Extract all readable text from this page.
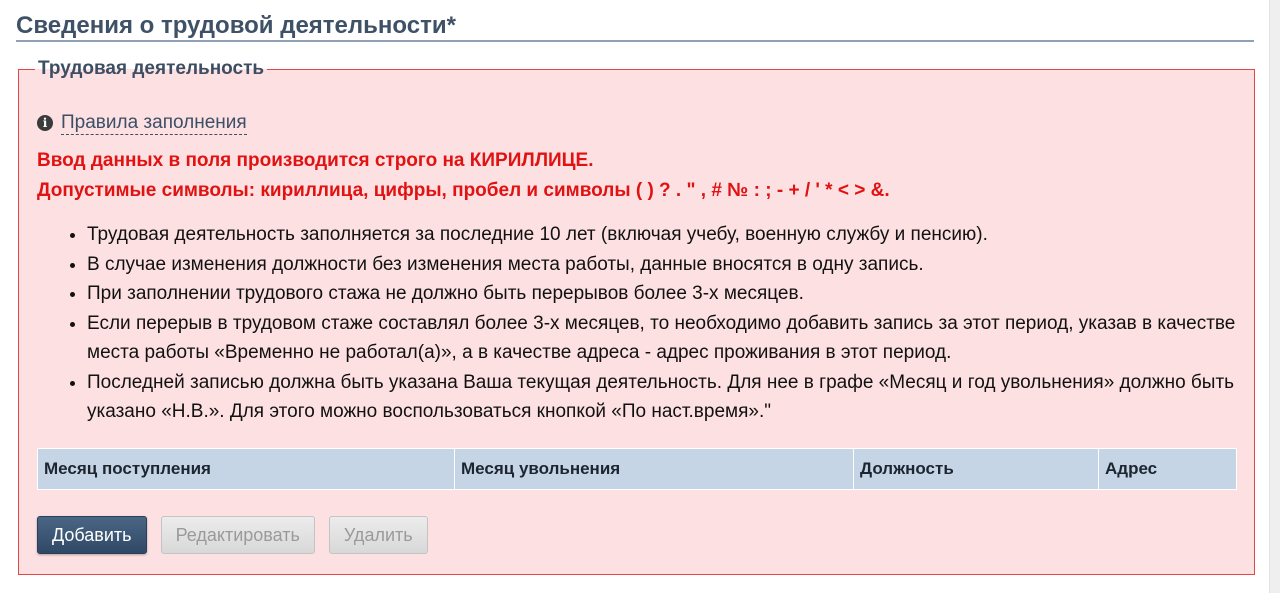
Сведения о трудовой деятельности*
Трудовая деятельность
i Правила заполнения
Ввод данных в поля производится строго на КИРИЛЛИЦЕ.
Допустимые символы: кириллица, цифры, пробел и символы ( ) ? . " , # № : ; - + / ' * < > &.
• Трудовая деятельность заполняется за последние 10 лет (включая учебу, военную службу и пенсию).
• В случае изменения должности без изменения места работы, данные вносятся в одну запись.
• При заполнении трудового стажа не должно быть перерывов более 3-х месяцев.
• Если перерыв в трудовом стаже составлял более 3-х месяцев, то необходимо добавить запись за этот период, указав в качестве места работы «Временно не работал(а)», а в качестве адреса - адрес проживания в этот период.
• Последней записью должна быть указана Ваша текущая деятельность. Для нее в графе «Месяц и год увольнения» должно быть указано «Н.В.». Для этого можно воспользоваться кнопкой «По наст.время»."
Месяц поступления	Месяц увольнения	Должность	Адрес
Добавить	Редактировать	Удалить
